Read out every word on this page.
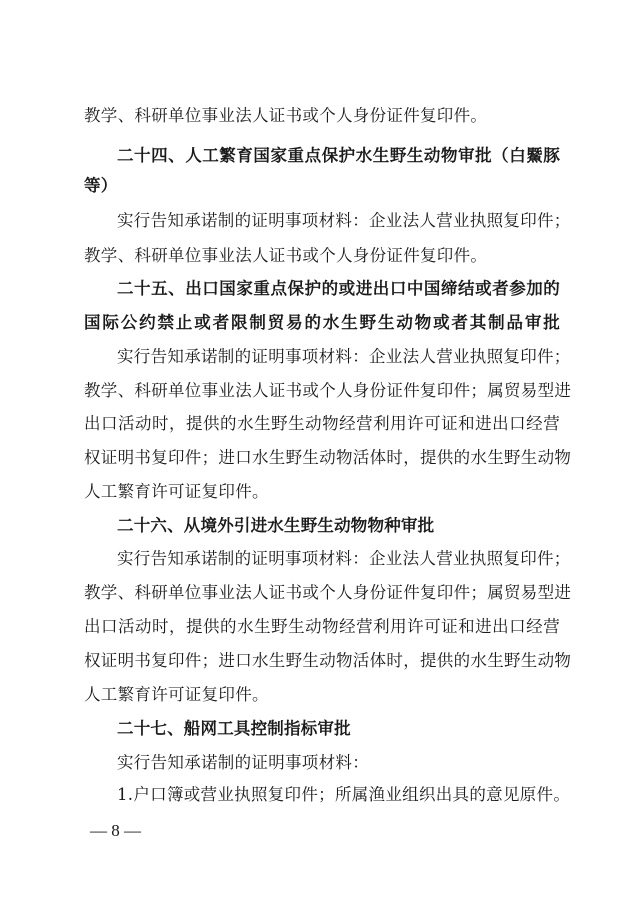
教学、科研单位事业法人证书或个人身份证件复印件。
二十四、人工繁育国家重点保护水生野生动物审批（白鱀豚
等）
实行告知承诺制的证明事项材料：企业法人营业执照复印件；
教学、科研单位事业法人证书或个人身份证件复印件。
二十五、出口国家重点保护的或进出口中国缔结或者参加的
国际公约禁止或者限制贸易的水生野生动物或者其制品审批
实行告知承诺制的证明事项材料：企业法人营业执照复印件；
教学、科研单位事业法人证书或个人身份证件复印件；属贸易型进
出口活动时，提供的水生野生动物经营利用许可证和进出口经营
权证明书复印件；进口水生野生动物活体时，提供的水生野生动物
人工繁育许可证复印件。
二十六、从境外引进水生野生动物物种审批
实行告知承诺制的证明事项材料：企业法人营业执照复印件；
教学、科研单位事业法人证书或个人身份证件复印件；属贸易型进
出口活动时，提供的水生野生动物经营利用许可证和进出口经营
权证明书复印件；进口水生野生动物活体时，提供的水生野生动物
人工繁育许可证复印件。
二十七、船网工具控制指标审批
实行告知承诺制的证明事项材料：
1.户口簿或营业执照复印件；所属渔业组织出具的意见原件。
— 8 —
